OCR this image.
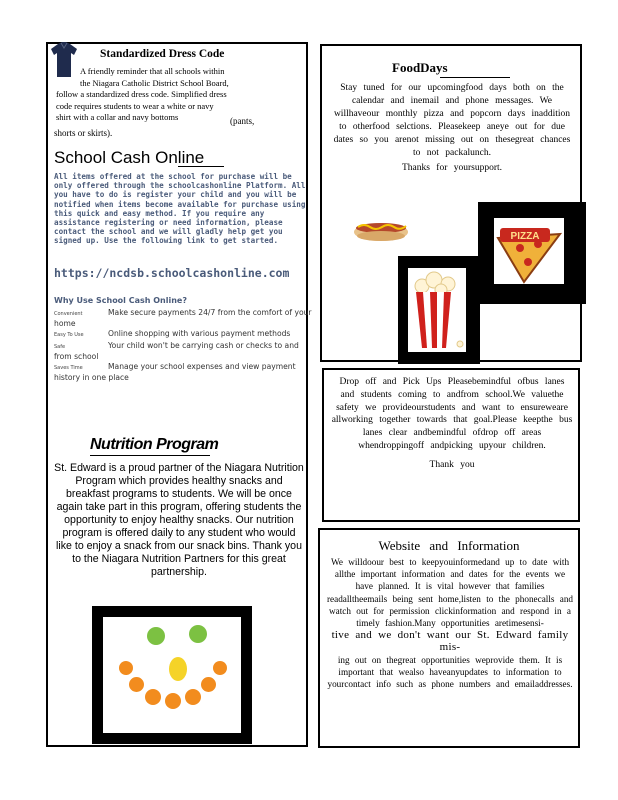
Standardized Dress Code
A friendly reminder that all schools within
the Niagara Catholic District School Board,
follow a standardized dress code. Simplified dress
code requires students to wear a white or navy
shirt with a collar and navy bottoms	(pants,
shorts or skirts).
School Cash Online
All items offered at the school for purchase will be only offered through the schoolcashonline Platform. All you have to do is register your child and you will be notified when items become available for purchase using this quick and easy method. If you require any assistance registering or need information, please contact the school and we will gladly help get you signed up. Use the following link to get started.
https://ncdsb.schoolcashonline.com
Why Use School Cash Online?
Convenient	Make secure payments 24/7 from the comfort of your home
Easy To Use	Online shopping with various payment methods
Safe	Your child won't be carrying cash or checks to and from school
Saves Time	Manage your school expenses and view payment history in one place
Nutrition Program
St. Edward is a proud partner of the Niagara Nutrition Program which provides healthy snacks and breakfast programs to students. We will be once again take part in this program, offering students the opportunity to enjoy healthy snacks. Our nutrition program is offered daily to any student who would like to enjoy a snack from our snack bins. Thank you to the Niagara Nutrition Partners for this great partnership.
FoodDays
Stay tuned for our upcomingfood days both on the calendar and inemail and phone messages. We willhaveour monthly pizza and popcorn days inaddition to otherfood selctions. Pleasekeep aneye out for due dates so you arenot missing out on thesegreat chances to not packalunch.
Thanks for yoursupport.
PIZZA
Drop off and Pick Ups Pleasebemindful ofbus lanes and students coming to andfrom school.We valuethe safety we provideourstudents and want to ensureweare allworking together towards that goal.Please keepthe bus lanes clear andbemindful ofdrop off areas whendroppingoff andpicking upyour children.
Thank you
Website and Information
We willdoour best to keepyouinformedand up to date with allthe important information and dates for the events we have planned. It is vital however that families readalltheemails being sent home,listen to the phonecalls and watch out for permission clickinformation and respond in a timely fashion.Many opportunities aretimesensi-
tive and we don't want our St. Edward family mis-
ing out on thegreat opportunities weprovide them. It is important that wealso haveanyupdates to information to yourcontact info such as phone numbers and emailaddresses.
